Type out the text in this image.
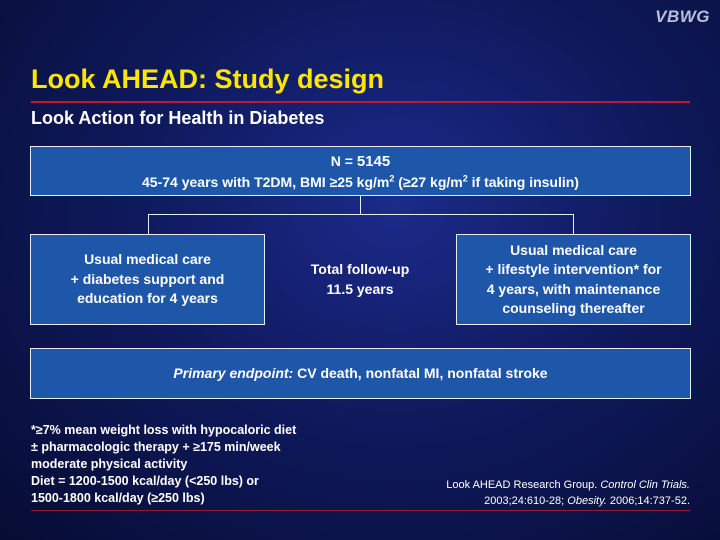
VBWG
Look AHEAD: Study design
Look Action for Health in Diabetes
N = 5145
45-74 years with T2DM, BMI ≥25 $kg/m^2$ (≥27 $kg/m^2$ if taking insulin)
Usual medical care
+ diabetes support and
education for 4 years
Total follow-up
11.5 years
Usual medical care
+ lifestyle intervention* for
4 years, with maintenance
counseling thereafter
Primary endpoint: CV death, nonfatal MI, nonfatal stroke
*≥7% mean weight loss with hypocaloric diet
± pharmacologic therapy + ≥175 min/week
moderate physical activity
Diet = 1200-1500 kcal/day (<250 lbs) or
1500-1800 kcal/day (≥250 lbs)
Look AHEAD Research Group. Control Clin Trials.
2003;24:610-28; Obesity. 2006;14:737-52.
